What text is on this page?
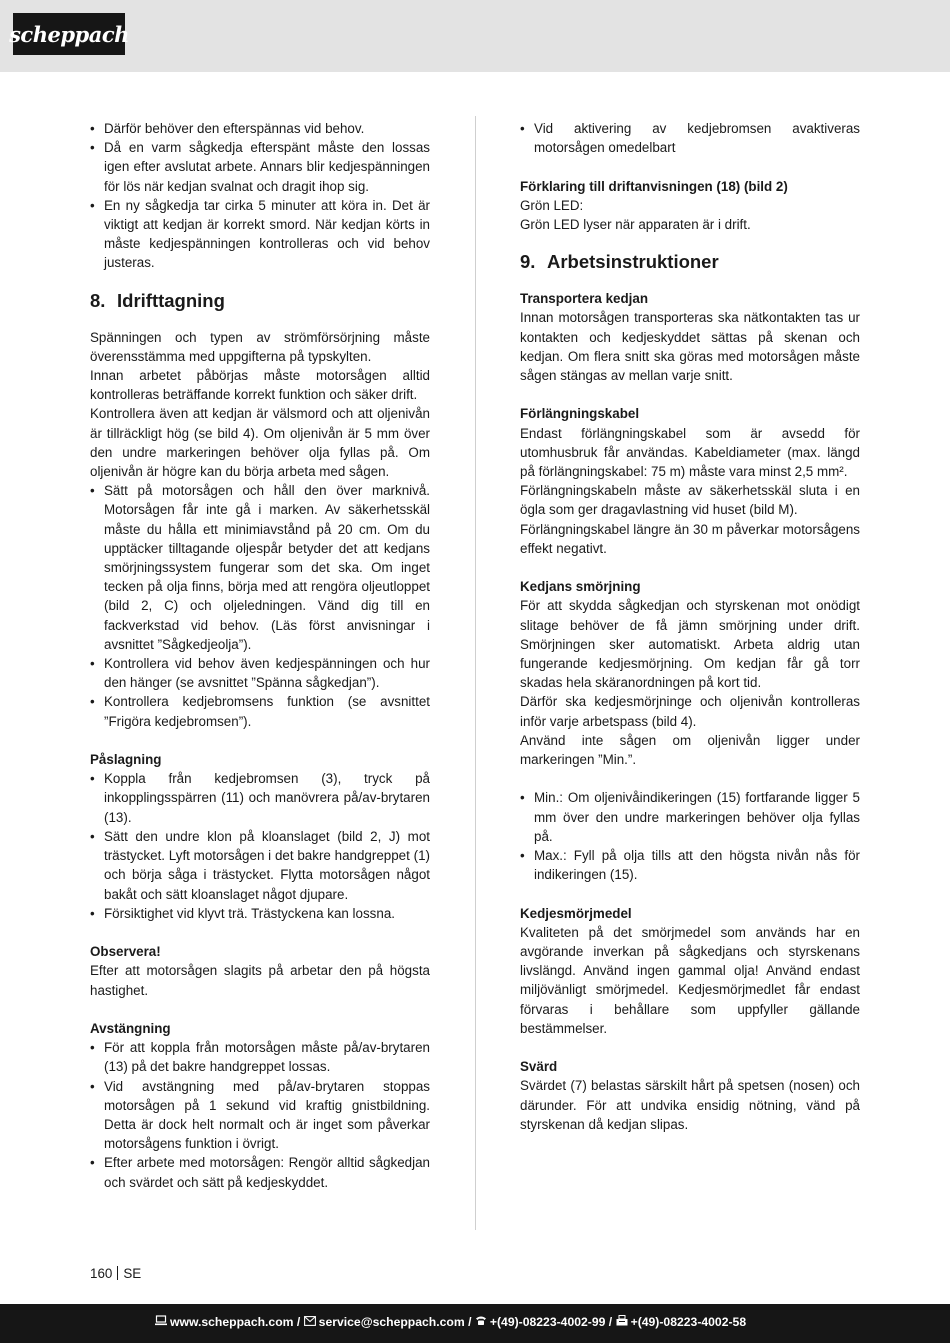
scheppach
• Därför behöver den efterspännas vid behov.
• Då en varm sågkedja efterspänt måste den lossas igen efter avslutat arbete. Annars blir kedjespänningen för lös när kedjan svalnat och dragit ihop sig.
• En ny sågkedja tar cirka 5 minuter att köra in. Det är viktigt att kedjan är korrekt smord. När kedjan körts in måste kedjespänningen kontrolleras och vid behov justeras.
8. Idrifttagning

Spänningen och typen av strömförsörjning måste överensstämma med uppgifterna på typskylten.
Innan arbetet påbörjas måste motorsågen alltid kontrolleras beträffande korrekt funktion och säker drift.
Kontrollera även att kedjan är välsmord och att oljenivån är tillräckligt hög (se bild 4). Om oljenivån är 5 mm över den undre markeringen behöver olja fyllas på. Om oljenivån är högre kan du börja arbeta med sågen.

• Sätt på motorsågen och håll den över marknivå. Motorsågen får inte gå i marken. Av säkerhetsskäl måste du hålla ett minimiavstånd på 20 cm. Om du upptäcker tilltagande oljespår betyder det att kedjans smörjningssystem fungerar som det ska. Om inget tecken på olja finns, börja med att rengöra oljeutloppet (bild 2, C) och oljeledningen. Vänd dig till en fackverkstad vid behov. (Läs först anvisningar i avsnittet ”Sågkedjeolja”).
• Kontrollera vid behov även kedjespänningen och hur den hänger (se avsnittet ”Spänna sågkedjan”).
• Kontrollera kedjebromsens funktion (se avsnittet ”Frigöra kedjebromsen”).
Påslagning
• Koppla från kedjebromsen (3), tryck på inkopplingsspärren (11) och manövrera på/av-brytaren (13).
• Sätt den undre klon på kloanslaget (bild 2, J) mot trästycket. Lyft motorsågen i det bakre handgreppet (1) och börja såga i trästycket. Flytta motorsågen något bakåt och sätt kloanslaget något djupare.
• Försiktighet vid klyvt trä. Trästyckena kan lossna.
Observera!

Efter att motorsågen slagits på arbetar den på högsta hastighet.

Avstängning
• För att koppla från motorsågen måste på/av-brytaren (13) på det bakre handgreppet lossas.
• Vid avstängning med på/av-brytaren stoppas motorsågen på 1 sekund vid kraftig gnistbildning. Detta är dock helt normalt och är inget som påverkar motorsågens funktion i övrigt.
• Efter arbete med motorsågen: Rengör alltid sågkedjan och svärdet och sätt på kedjeskyddet.
• Vid aktivering av kedjebromsen avaktiveras motorsågen omedelbart
Förklaring till driftanvisningen (18) (bild 2)

Grön LED:

Grön LED lyser när apparaten är i drift.

9. Arbetsinstruktioner
Transportera kedjan

Innan motorsågen transporteras ska nätkontakten tas ur kontakten och kedjeskyddet sättas på skenan och kedjan. Om flera snitt ska göras med motorsågen måste sågen stängas av mellan varje snitt.

Förlängningskabel

Endast förlängningskabel som är avsedd för utomhusbruk får användas. Kabeldiameter (max. längd på förlängningskabel: 75 m) måste vara minst 2,5 mm².
Förlängningskabeln måste av säkerhetsskäl sluta i en ögla som ger dragavlastning vid huset (bild M).
Förlängningskabel längre än 30 m påverkar motorsågens effekt negativt.

Kedjans smörjning

För att skydda sågkedjan och styrskenan mot onödigt slitage behöver de få jämn smörjning under drift. Smörjningen sker automatiskt. Arbeta aldrig utan fungerande kedjesmörjning. Om kedjan får gå torr skadas hela skäranordningen på kort tid.
Därför ska kedjesmörjninge och oljenivån kontrolleras inför varje arbetspass (bild 4).
Använd inte sågen om oljenivån ligger under markeringen ”Min.”.

• Min.: Om oljenivåindikeringen (15) fortfarande ligger 5 mm över den undre markeringen behöver olja fyllas på.
• Max.: Fyll på olja tills att den högsta nivån nås för indikeringen (15).
Kedjesmörjmedel

Kvaliteten på det smörjmedel som används har en avgörande inverkan på sågkedjans och styrskenans livslängd. Använd ingen gammal olja! Använd endast miljövänligt smörjmedel. Kedjesmörjmedlet får endast förvaras i behållare som uppfyller gällande bestämmelser.

Svärd

Svärdet (7) belastas särskilt hårt på spetsen (nosen) och därunder. För att undvika ensidig nötning, vänd på styrskenan då kedjan slipas.

160 SE
www.scheppach.com / service@scheppach.com / +(49)-08223-4002-99 / +(49)-08223-4002-58
